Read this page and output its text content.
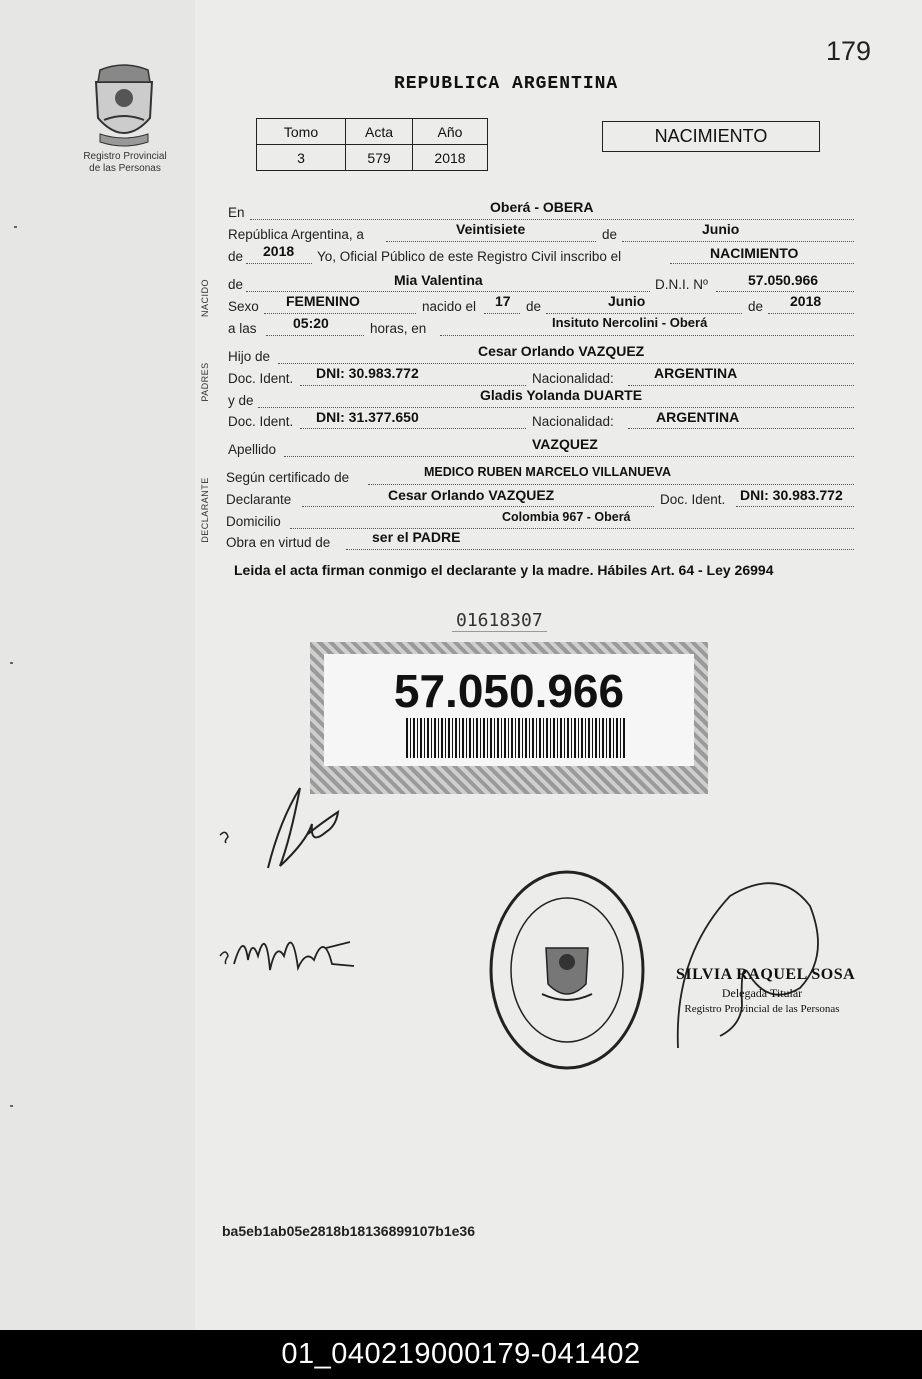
Registro Provincial
de las Personas
179
REPUBLICA ARGENTINA
Tomo	Acta	Año
3	579	2018
NACIMIENTO
NACIDO
PADRES
DECLARANTE
En	Oberá - OBERA
República Argentina, a	Veintisiete	de	Junio
de 2018 Yo, Oficial Público de este Registro Civil inscribo el	NACIMIENTO
de	Mia Valentina	D.N.I. Nº	57.050.966
Sexo FEMENINO	nacido el 17 de	Junio	de 2018
a las	05:20	horas, en	Insituto Nercolini - Oberá
Hijo de	Cesar Orlando VAZQUEZ
Doc. Ident. DNI: 30.983.772	Nacionalidad:	ARGENTINA
y de	Gladis Yolanda DUARTE
Doc. Ident. DNI: 31.377.650	Nacionalidad:	ARGENTINA
Apellido	VAZQUEZ
Según certificado de	MEDICO RUBEN MARCELO VILLANUEVA
Declarante	Cesar Orlando VAZQUEZ	Doc. Ident. DNI: 30.983.772
Domicilio	Colombia 967 - Oberá
Obra en virtud de	ser el PADRE
Leida el acta firman conmigo el declarante y la madre. Hábiles Art. 64 - Ley 26994
01618307
57.050.966
SILVIA RAQUEL SOSA
Delegada Titular
Registro Provincial de las Personas
ba5eb1ab05e2818b18136899107b1e36
01_040219000179-041402
